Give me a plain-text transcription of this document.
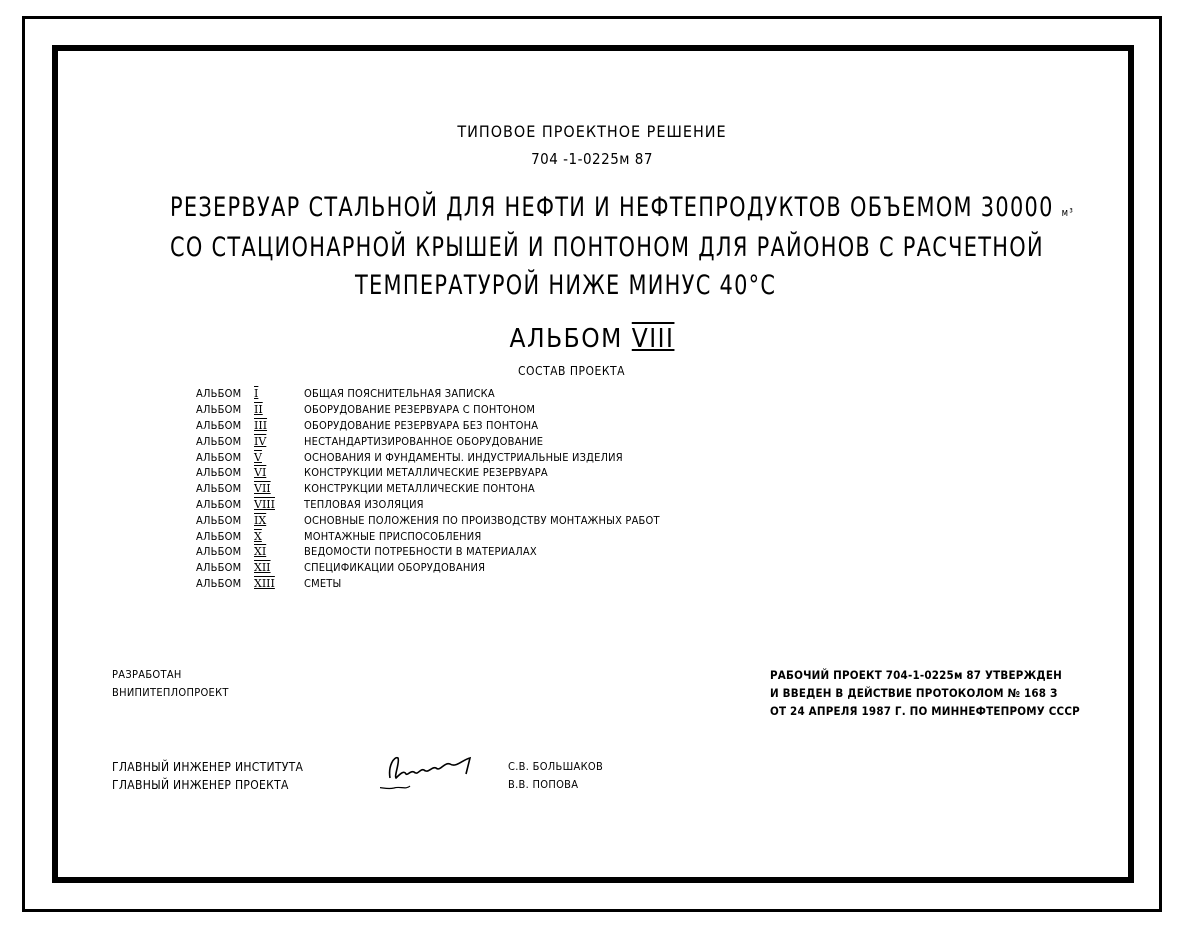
ТИПОВОЕ ПРОЕКТНОЕ РЕШЕНИЕ
704 -1-0225м 87
РЕЗЕРВУАР СТАЛЬНОЙ ДЛЯ НЕФТИ И НЕФТЕПРОДУКТОВ ОБЪЕМОМ 30000 м³
СО СТАЦИОНАРНОЙ КРЫШЕЙ И ПОНТОНОМ ДЛЯ РАЙОНОВ С РАСЧЕТНОЙ
ТЕМПЕРАТУРОЙ НИЖЕ МИНУС 40°С
АЛЬБОМ VIII
СОСТАВ ПРОЕКТА
АЛЬБОМ	I	ОБЩАЯ ПОЯСНИТЕЛЬНАЯ ЗАПИСКА
АЛЬБОМ	II	ОБОРУДОВАНИЕ РЕЗЕРВУАРА С ПОНТОНОМ
АЛЬБОМ	III	ОБОРУДОВАНИЕ РЕЗЕРВУАРА БЕЗ ПОНТОНА
АЛЬБОМ	IV	НЕСТАНДАРТИЗИРОВАННОЕ ОБОРУДОВАНИЕ
АЛЬБОМ	V	ОСНОВАНИЯ И ФУНДАМЕНТЫ. ИНДУСТРИАЛЬНЫЕ ИЗДЕЛИЯ
АЛЬБОМ	VI	КОНСТРУКЦИИ МЕТАЛЛИЧЕСКИЕ РЕЗЕРВУАРА
АЛЬБОМ	VII	КОНСТРУКЦИИ МЕТАЛЛИЧЕСКИЕ ПОНТОНА
АЛЬБОМ	VIII	ТЕПЛОВАЯ ИЗОЛЯЦИЯ
АЛЬБОМ	IX	ОСНОВНЫЕ ПОЛОЖЕНИЯ ПО ПРОИЗВОДСТВУ МОНТАЖНЫХ РАБОТ
АЛЬБОМ	X	МОНТАЖНЫЕ ПРИСПОСОБЛЕНИЯ
АЛЬБОМ	XI	ВЕДОМОСТИ ПОТРЕБНОСТИ В МАТЕРИАЛАХ
АЛЬБОМ	XII	СПЕЦИФИКАЦИИ ОБОРУДОВАНИЯ
АЛЬБОМ	XIII	СМЕТЫ
РАЗРАБОТАН
ВНИПИТЕПЛОПРОЕКТ
РАБОЧИЙ ПРОЕКТ 704-1-0225м 87 УТВЕРЖДЕН
И ВВЕДЕН В ДЕЙСТВИЕ ПРОТОКОЛОМ № 168 З
ОТ 24 АПРЕЛЯ 1987 Г. ПО МИННЕФТЕПРОМУ СССР
ГЛАВНЫЙ ИНЖЕНЕР ИНСТИТУТА
ГЛАВНЫЙ ИНЖЕНЕР ПРОЕКТА
С.В. БОЛЬШАКОВ
В.В. ПОПОВА
